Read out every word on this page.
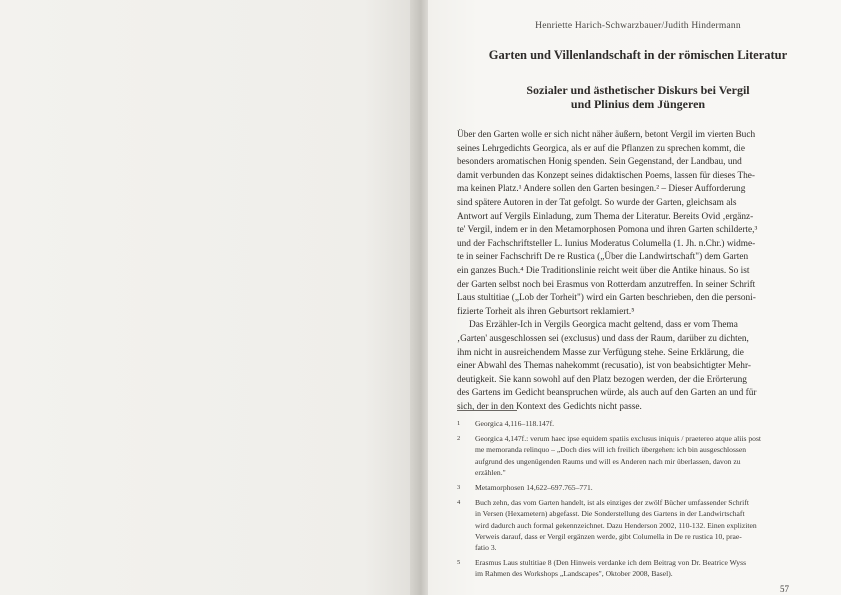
Henriette Harich-Schwarzbauer/Judith Hindermann
Garten und Villenlandschaft in der römischen Literatur
Sozialer und ästhetischer Diskurs bei Vergil
und Plinius dem Jüngeren
Über den Garten wolle er sich nicht näher äußern, betont Vergil im vierten Buch
seines Lehrgedichts Georgica, als er auf die Pflanzen zu sprechen kommt, die
besonders aromatischen Honig spenden. Sein Gegenstand, der Landbau, und
damit verbunden das Konzept seines didaktischen Poems, lassen für dieses The-
ma keinen Platz.¹ Andere sollen den Garten besingen.² – Dieser Aufforderung
sind spätere Autoren in der Tat gefolgt. So wurde der Garten, gleichsam als
Antwort auf Vergils Einladung, zum Thema der Literatur. Bereits Ovid ‚ergänz-
te' Vergil, indem er in den Metamorphosen Pomona und ihren Garten schilderte,³
und der Fachschriftsteller L. Iunius Moderatus Columella (1. Jh. n.Chr.) widme-
te in seiner Fachschrift De re Rustica („Über die Landwirtschaft") dem Garten
ein ganzes Buch.⁴ Die Traditionslinie reicht weit über die Antike hinaus. So ist
der Garten selbst noch bei Erasmus von Rotterdam anzutreffen. In seiner Schrift
Laus stultitiae („Lob der Torheit") wird ein Garten beschrieben, den die personi-
fizierte Torheit als ihren Geburtsort reklamiert.⁵
Das Erzähler-Ich in Vergils Georgica macht geltend, dass er vom Thema
‚Garten' ausgeschlossen sei (exclusus) und dass der Raum, darüber zu dichten,
ihm nicht in ausreichendem Masse zur Verfügung stehe. Seine Erklärung, die
einer Abwahl des Themas nahekommt (recusatio), ist von beabsichtigter Mehr-
deutigkeit. Sie kann sowohl auf den Platz bezogen werden, der die Erörterung
des Gartens im Gedicht beanspruchen würde, als auch auf den Garten an und für
sich, der in den Kontext des Gedichts nicht passe.
1 Georgica 4,116–118.147f.
2 Georgica 4,147f.: verum haec ipse equidem spatiis exclusus iniquis / praetereo atque aliis post
me memoranda relinquo – „Doch dies will ich freilich übergehen: ich bin ausgeschlossen
aufgrund des ungenügenden Raums und will es Anderen nach mir überlassen, davon zu
erzählen."
3 Metamorphosen 14,622–697.765–771.
4 Buch zehn, das vom Garten handelt, ist als einziges der zwölf Bücher umfassender Schrift
in Versen (Hexametern) abgefasst. Die Sonderstellung des Gartens in der Landwirtschaft
wird dadurch auch formal gekennzeichnet. Dazu Henderson 2002, 110-132. Einen expliziten
Verweis darauf, dass er Vergil ergänzen werde, gibt Columella in De re rustica 10, prae-
fatio 3.
5 Erasmus Laus stultitiae 8 (Den Hinweis verdanke ich dem Beitrag von Dr. Beatrice Wyss
im Rahmen des Workshops „Landscapes", Oktober 2008, Basel).
57
